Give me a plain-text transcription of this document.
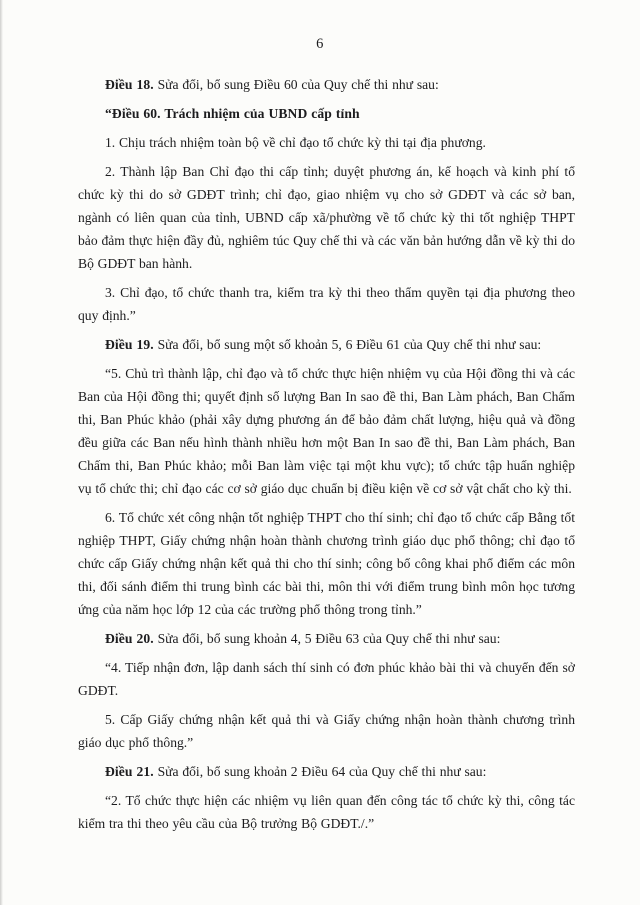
6

Điều 18. Sửa đổi, bổ sung Điều 60 của Quy chế thi như sau:

“Điều 60. Trách nhiệm của UBND cấp tỉnh

1. Chịu trách nhiệm toàn bộ về chỉ đạo tổ chức kỳ thi tại địa phương.

2. Thành lập Ban Chỉ đạo thi cấp tỉnh; duyệt phương án, kế hoạch và kinh phí tổ chức kỳ thi do sở GDĐT trình; chỉ đạo, giao nhiệm vụ cho sở GDĐT và các sở ban, ngành có liên quan của tỉnh, UBND cấp xã/phường về tổ chức kỳ thi tốt nghiệp THPT bảo đảm thực hiện đầy đủ, nghiêm túc Quy chế thi và các văn bản hướng dẫn về kỳ thi do Bộ GDĐT ban hành.

3. Chỉ đạo, tổ chức thanh tra, kiểm tra kỳ thi theo thẩm quyền tại địa phương theo quy định.”

Điều 19. Sửa đổi, bổ sung một số khoản 5, 6 Điều 61 của Quy chế thi như sau:

“5. Chủ trì thành lập, chỉ đạo và tổ chức thực hiện nhiệm vụ của Hội đồng thi và các Ban của Hội đồng thi; quyết định số lượng Ban In sao đề thi, Ban Làm phách, Ban Chấm thi, Ban Phúc khảo (phải xây dựng phương án để bảo đảm chất lượng, hiệu quả và đồng đều giữa các Ban nếu hình thành nhiều hơn một Ban In sao đề thi, Ban Làm phách, Ban Chấm thi, Ban Phúc khảo; mỗi Ban làm việc tại một khu vực); tổ chức tập huấn nghiệp vụ tổ chức thi; chỉ đạo các cơ sở giáo dục chuẩn bị điều kiện về cơ sở vật chất cho kỳ thi.

6. Tổ chức xét công nhận tốt nghiệp THPT cho thí sinh; chỉ đạo tổ chức cấp Bằng tốt nghiệp THPT, Giấy chứng nhận hoàn thành chương trình giáo dục phổ thông; chỉ đạo tổ chức cấp Giấy chứng nhận kết quả thi cho thí sinh; công bố công khai phổ điểm các môn thi, đối sánh điểm thi trung bình các bài thi, môn thi với điểm trung bình môn học tương ứng của năm học lớp 12 của các trường phổ thông trong tỉnh.”

Điều 20. Sửa đổi, bổ sung khoản 4, 5 Điều 63 của Quy chế thi như sau:

“4. Tiếp nhận đơn, lập danh sách thí sinh có đơn phúc khảo bài thi và chuyển đến sở GDĐT.

5. Cấp Giấy chứng nhận kết quả thi và Giấy chứng nhận hoàn thành chương trình giáo dục phổ thông.”

Điều 21. Sửa đổi, bổ sung khoản 2 Điều 64 của Quy chế thi như sau:

“2. Tổ chức thực hiện các nhiệm vụ liên quan đến công tác tổ chức kỳ thi, công tác kiểm tra thi theo yêu cầu của Bộ trưởng Bộ GDĐT./.”
